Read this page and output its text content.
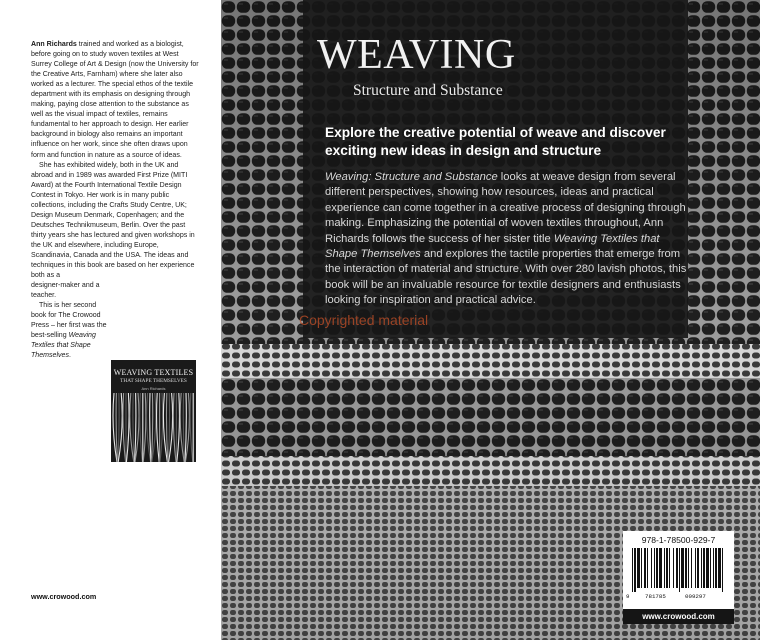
Ann Richards trained and worked as a biologist, before going on to study woven textiles at West Surrey College of Art & Design (now the University for the Creative Arts, Farnham) where she later also worked as a lecturer. The special ethos of the textile department with its emphasis on designing through making, paying close attention to the substance as well as the visual impact of textiles, remains fundamental to her approach to design. Her earlier background in biology also remains an important influence on her work, since she often draws upon form and function in nature as a source of ideas.

She has exhibited widely, both in the UK and abroad and in 1989 was awarded First Prize (MITI Award) at the Fourth International Textile Design Contest in Tokyo. Her work is in many public collections, including the Crafts Study Centre, UK; Design Museum Denmark, Copenhagen; and the Deutsches Technikmuseum, Berlin. Over the past thirty years she has lectured and given workshops in the UK and elsewhere, including Europe, Scandinavia, Canada and the USA. The ideas and techniques in this book are based on her experience both as a

designer-maker and a teacher.

This is her second book for The Crowood Press – her first was the best-selling Weaving Textiles that Shape Themselves.

WEAVING TEXTILES
THAT SHAPE THEMSELVES
Ann Richards
www.crowood.com
WEAVING
Structure and Substance
Explore the creative potential of weave and discover exciting new ideas in design and structure
Weaving: Structure and Substance looks at weave design from several different perspectives, showing how resources, ideas and practical experience can come together in a creative process of designing through making. Emphasizing the potential of woven textiles throughout, Ann Richards follows the success of her sister title Weaving Textiles that Shape Themselves and explores the tactile properties that emerge from the interaction of material and structure. With over 280 lavish photos, this book will be an invaluable resource for textile designers and enthusiasts looking for inspiration and practical advice.
Copyrighted material
978-1-78500-929-7
9	781785	009297
www.crowood.com
